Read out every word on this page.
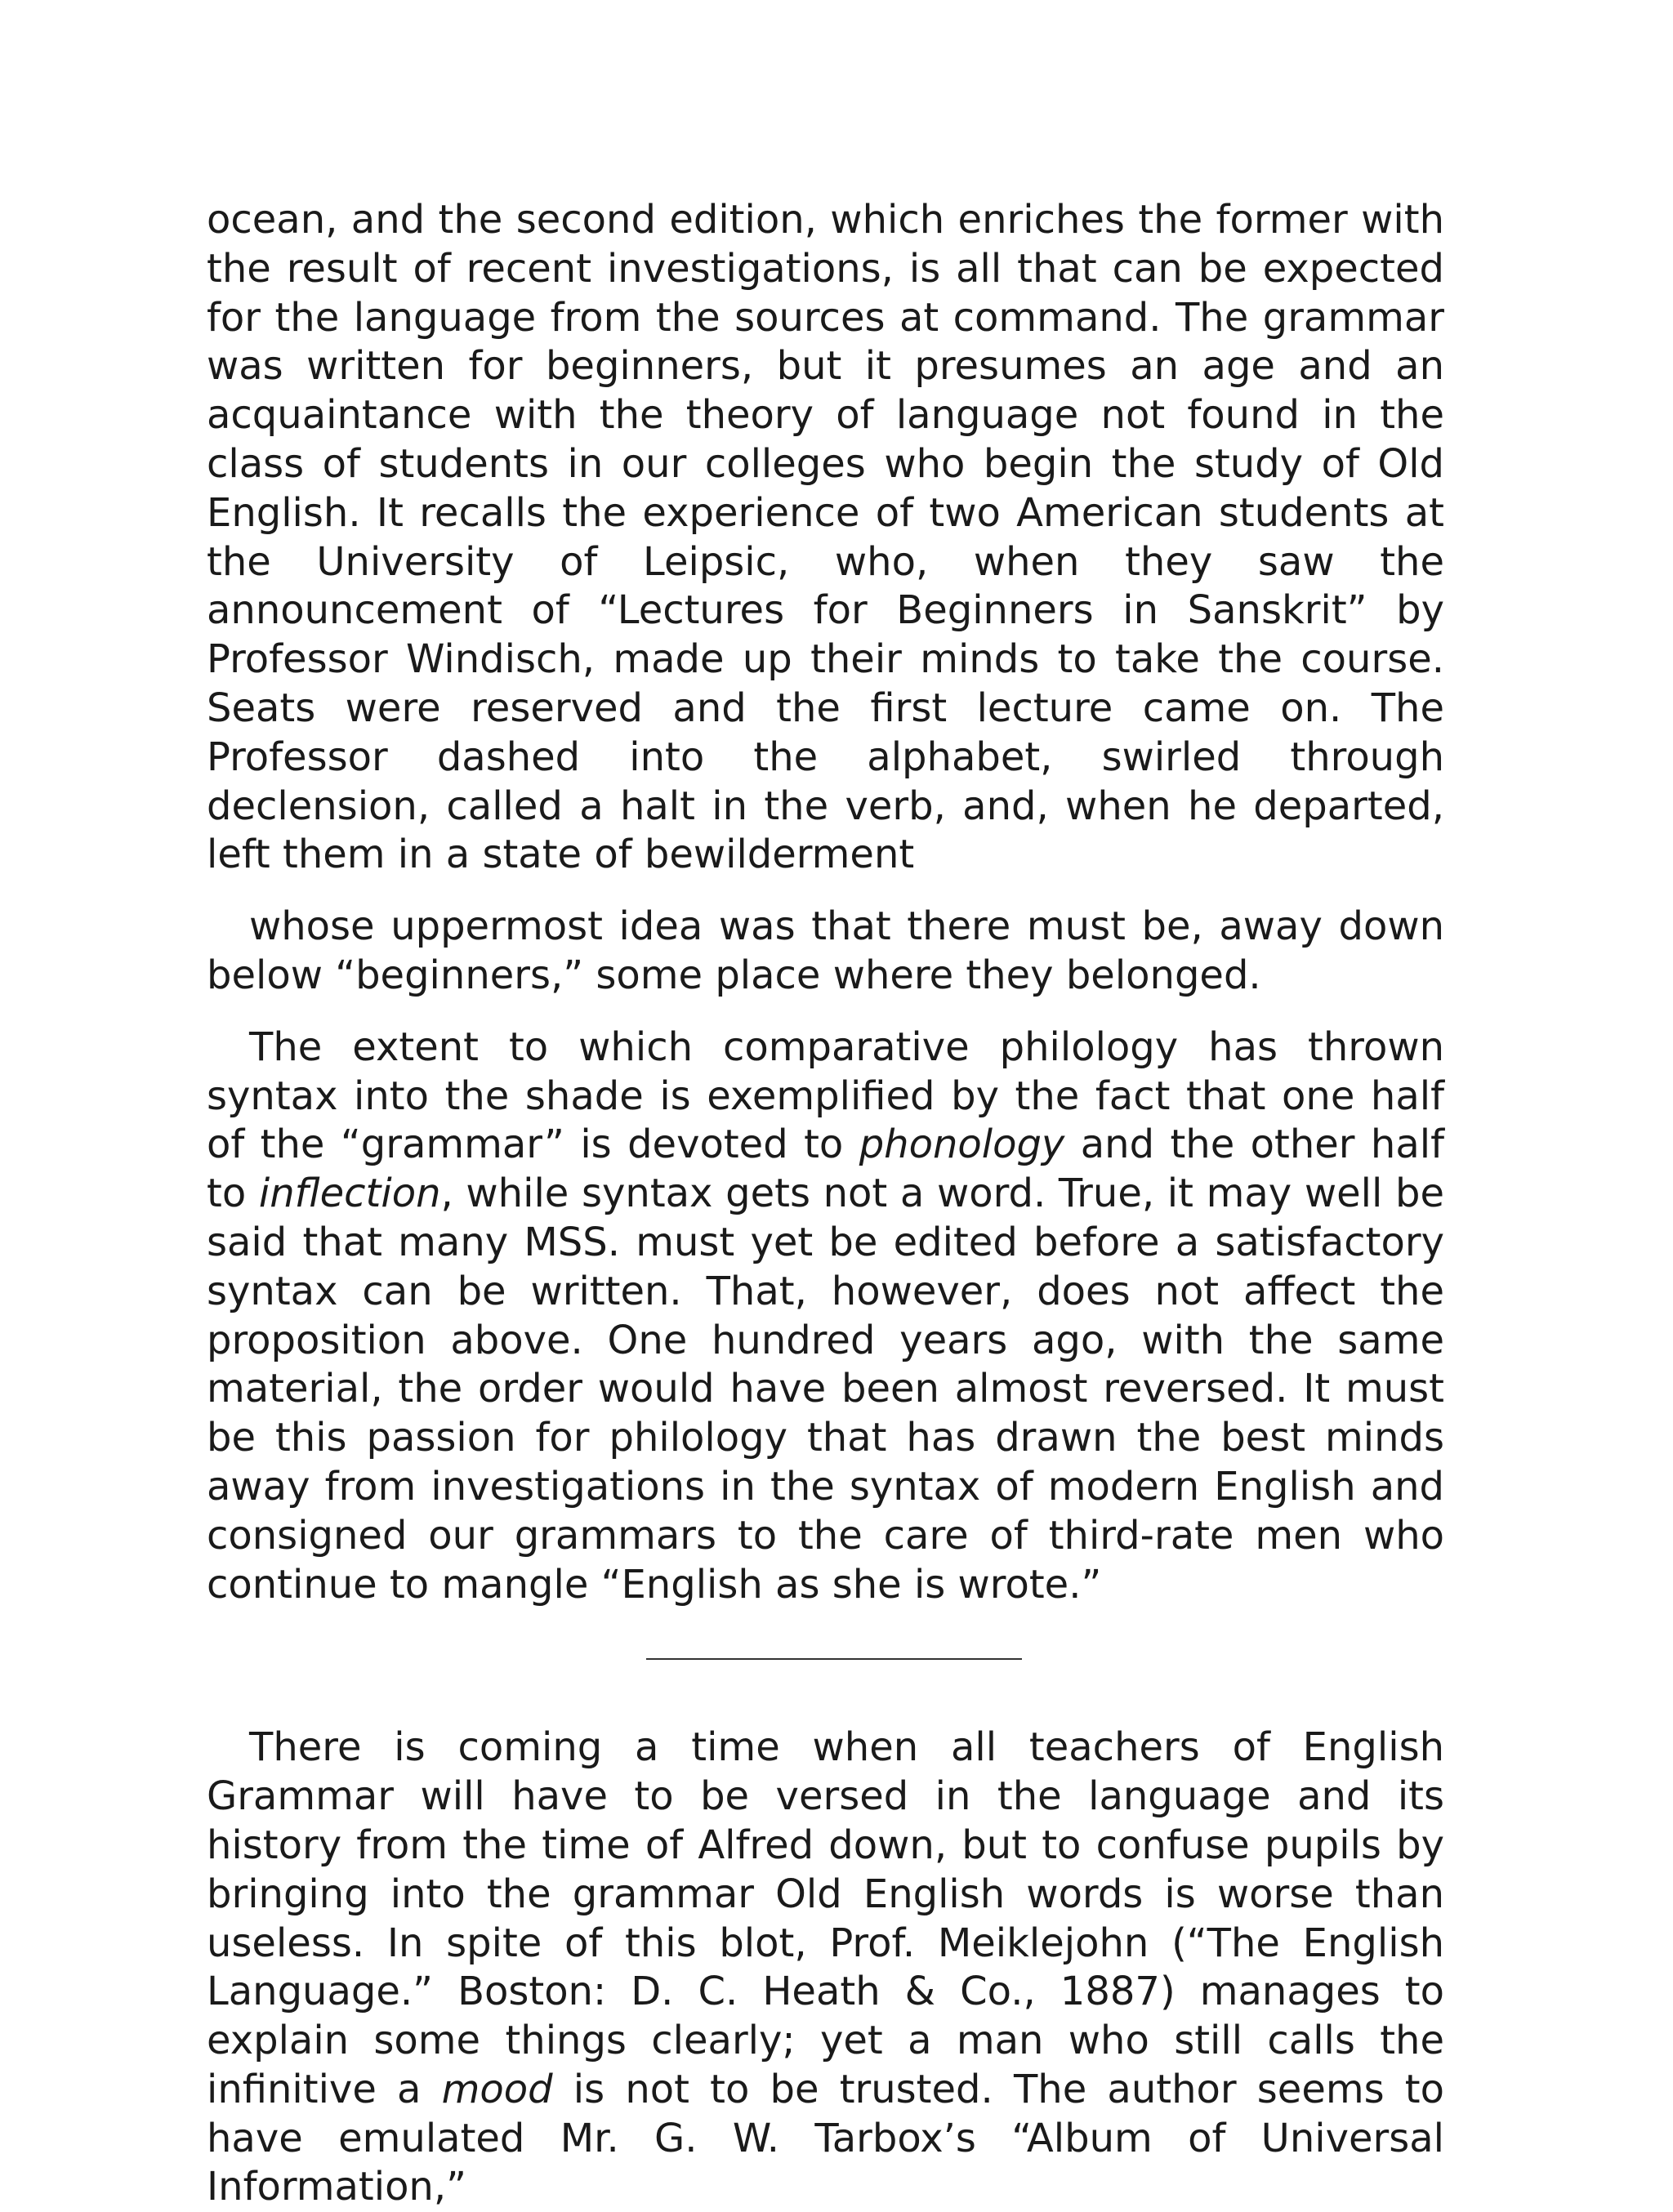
ocean, and the second edition, which enriches the former with the result of recent investigations, is all that can be expected for the language from the sources at command. The grammar was written for beginners, but it presumes an age and an acquaintance with the theory of language not found in the class of students in our colleges who begin the study of Old English. It recalls the experience of two American students at the University of Leipsic, who, when they saw the announcement of “Lectures for Beginners in Sanskrit” by Professor Windisch, made up their minds to take the course. Seats were reserved and the first lecture came on. The Professor dashed into the alphabet, swirled through declension, called a halt in the verb, and, when he departed, left them in a state of bewilderment

whose uppermost idea was that there must be, away down below “beginners,” some place where they belonged.

The extent to which comparative philology has thrown syntax into the shade is exemplified by the fact that one half of the “grammar” is devoted to phonology and the other half to inflection, while syntax gets not a word. True, it may well be said that many MSS. must yet be edited before a satisfactory syntax can be written. That, however, does not affect the proposition above. One hundred years ago, with the same material, the order would have been almost reversed. It must be this passion for philology that has drawn the best minds away from investigations in the syntax of modern English and consigned our grammars to the care of third-rate men who continue to mangle “English as she is wrote.”

There is coming a time when all teachers of English Grammar will have to be versed in the language and its history from the time of Alfred down, but to confuse pupils by bringing into the grammar Old English words is worse than useless. In spite of this blot, Prof. Meiklejohn (“The English Language.” Boston: D. C. Heath & Co., 1887) manages to explain some things clearly; yet a man who still calls the infinitive a mood is not to be trusted. The author seems to have emulated Mr. G. W. Tarbox’s “Album of Universal Information,”
